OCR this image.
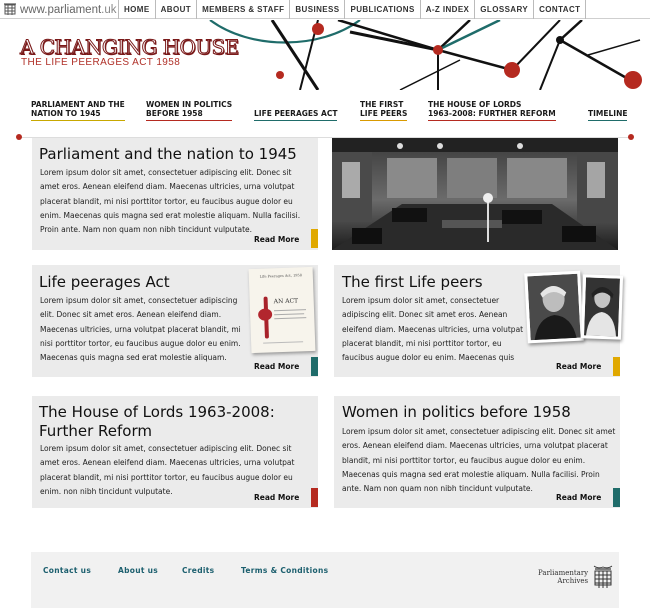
www.parliament .uk HOME	ABOUT	MEMBERS & STAFF	BUSINESS	PUBLICATIONS	A-Z INDEX	GLOSSARY	CONTACT
A CHANGING HOUSE
THE LIFE PEERAGES ACT 1958
PARLIAMENT AND THE
NATION TO 1945
WOMEN IN POLITICS
BEFORE 1958	LIFE PEERAGES ACT
THE FIRST
LIFE PEERS
THE HOUSE OF LORDS
1963-2008: FURTHER REFORM	TIMELINE
Parliament and the nation to 1945

Lorem ipsum dolor sit amet, consectetuer adipiscing elit. Donec sit amet eros. Aenean eleifend diam. Maecenas ultricies, urna volutpat placerat blandit, mi nisi porttitor tortor, eu faucibus augue dolor eu enim. Maecenas quis magna sed erat molestie aliquam. Nulla facilisi. Proin ante. Nam non quam non nibh tincidunt vulputate.

Read More
Life peerages Act

Lorem ipsum dolor sit amet, consectetuer adipiscing elit. Donec sit amet eros. Aenean eleifend diam. Maecenas ultricies, urna volutpat placerat blandit, mi nisi porttitor tortor, eu faucibus augue dolor eu enim. Maecenas quis magna sed erat molestie aliquam.

Read More
Life Peerages Act, 1958
AN ACT
The first Life peers

Lorem ipsum dolor sit amet, consectetuer adipiscing elit. Donec sit amet eros. Aenean eleifend diam. Maecenas ultricies, urna volutpat placerat blandit, mi nisi porttitor tortor, eu faucibus augue dolor eu enim. Maecenas quis

Read More
The House of Lords 1963-2008: Further Reform

Lorem ipsum dolor sit amet, consectetuer adipiscing elit. Donec sit amet eros. Aenean eleifend diam. Maecenas ultricies, urna volutpat placerat blandit, mi nisi porttitor tortor, eu faucibus augue dolor eu enim. non nibh tincidunt vulputate.

Read More
Women in politics before 1958

Lorem ipsum dolor sit amet, consectetuer adipiscing elit. Donec sit amet eros. Aenean eleifend diam. Maecenas ultricies, urna volutpat placerat blandit, mi nisi porttitor tortor, eu faucibus augue dolor eu enim. Maecenas quis magna sed erat molestie aliquam. Nulla facilisi. Proin ante. Nam non quam non nibh tincidunt vulputate.

Read More
Contact us	About us	Credits	Terms & Conditions	Parliamentary
Archives
